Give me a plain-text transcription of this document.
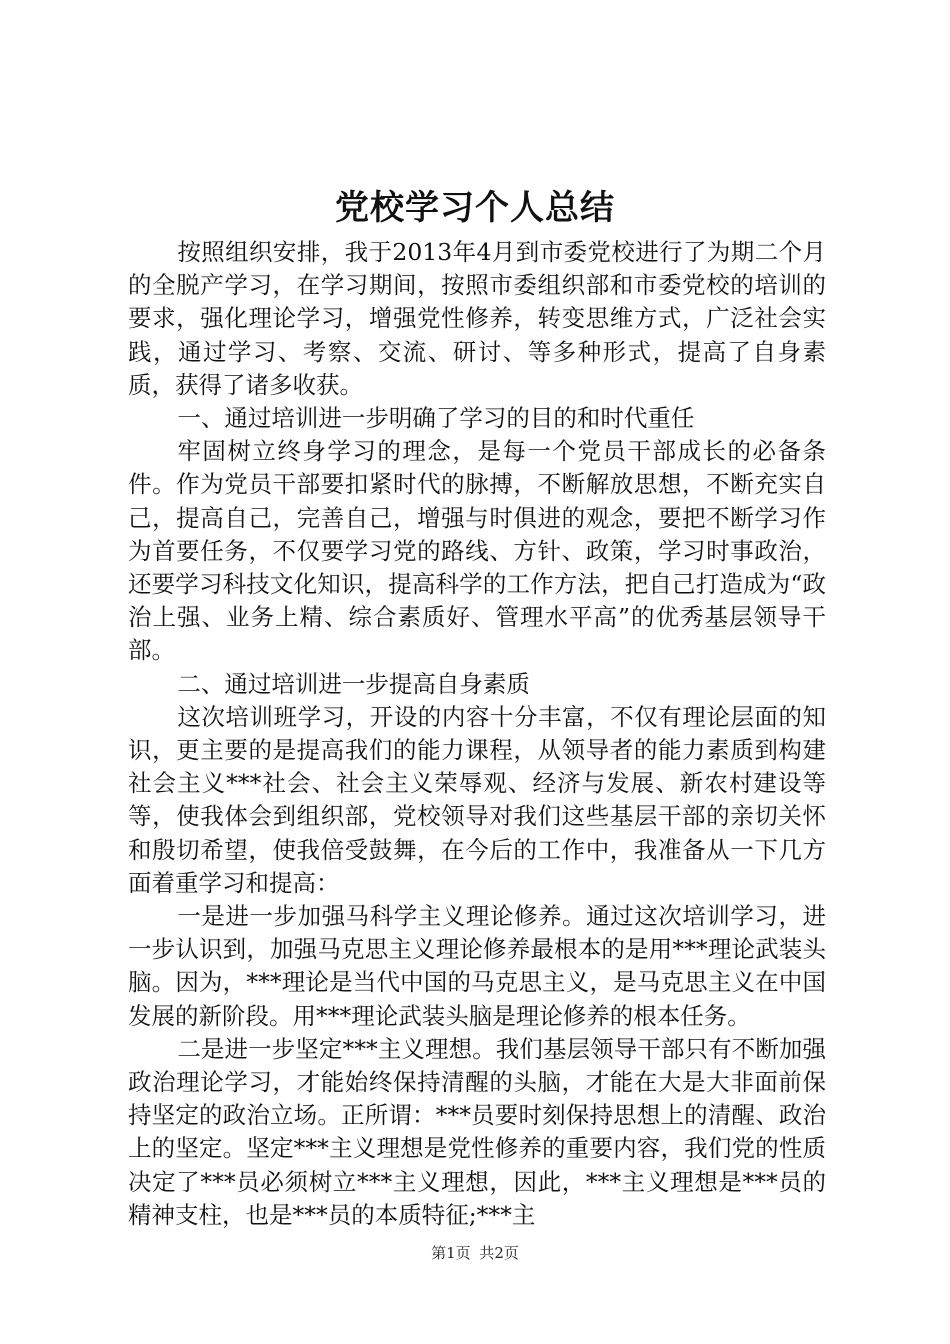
党校学习个人总结

按照组织安排，我于2013年4月到市委党校进行了为期二个月的全脱产学习，在学习期间，按照市委组织部和市委党校的培训的要求，强化理论学习，增强党性修养，转变思维方式，广泛社会实践，通过学习、考察、交流、研讨、等多种形式，提高了自身素质，获得了诸多收获。

一、通过培训进一步明确了学习的目的和时代重任

牢固树立终身学习的理念，是每一个党员干部成长的必备条件。作为党员干部要扣紧时代的脉搏，不断解放思想，不断充实自己，提高自己，完善自己，增强与时俱进的观念，要把不断学习作为首要任务，不仅要学习党的路线、方针、政策，学习时事政治，还要学习科技文化知识，提高科学的工作方法，把自己打造成为“政治上强、业务上精、综合素质好、管理水平高”的优秀基层领导干部。

二、通过培训进一步提高自身素质

这次培训班学习，开设的内容十分丰富，不仅有理论层面的知识，更主要的是提高我们的能力课程，从领导者的能力素质到构建社会主义***社会、社会主义荣辱观、经济与发展、新农村建设等等，使我体会到组织部，党校领导对我们这些基层干部的亲切关怀和殷切希望，使我倍受鼓舞，在今后的工作中，我准备从一下几方面着重学习和提高：

一是进一步加强马科学主义理论修养。通过这次培训学习，进一步认识到，加强马克思主义理论修养最根本的是用***理论武装头脑。因为，***理论是当代中国的马克思主义，是马克思主义在中国发展的新阶段。用***理论武装头脑是理论修养的根本任务。

二是进一步坚定***主义理想。我们基层领导干部只有不断加强政治理论学习，才能始终保持清醒的头脑，才能在大是大非面前保持坚定的政治立场。正所谓：***员要时刻保持思想上的清醒、政治上的坚定。坚定***主义理想是党性修养的重要内容，我们党的性质决定了***员必须树立***主义理想，因此，***主义理想是***员的精神支柱，也是***员的本质特征;***主

第1页 共2页
